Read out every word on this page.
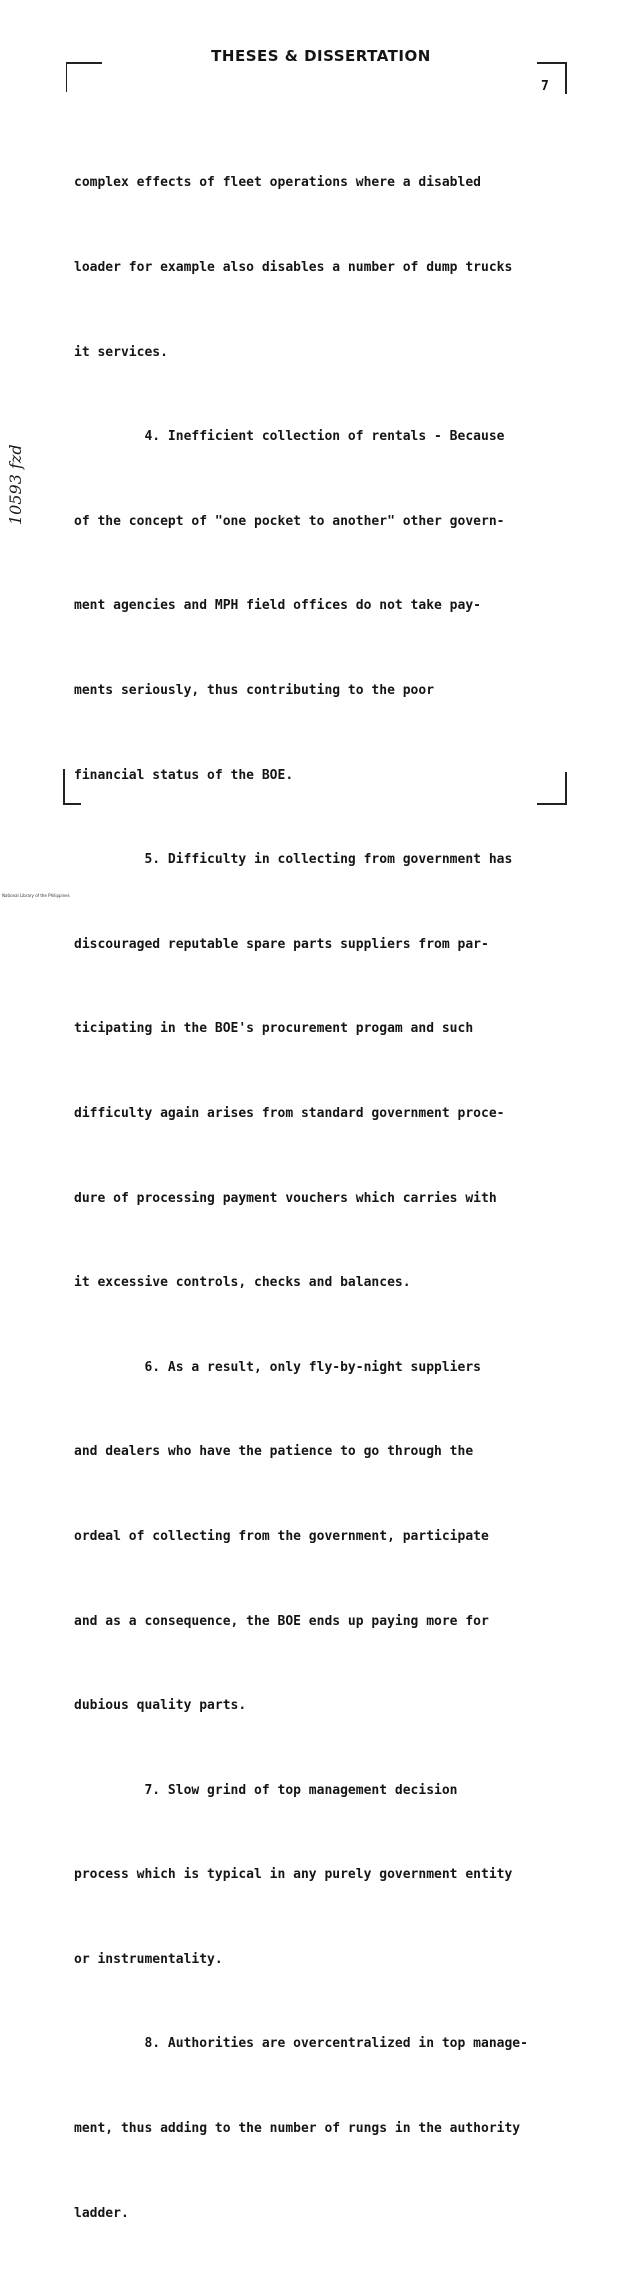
THESES & DISSERTATION
7
10593 fzd

complex effects of fleet operations where a disabled

loader for example also disables a number of dump trucks

it services.

4. Inefficient collection of rentals - Because

of the concept of "one pocket to another" other govern-

ment agencies and MPH field offices do not take pay-

ments seriously, thus contributing to the poor

financial status of the BOE.

5. Difficulty in collecting from government has

discouraged reputable spare parts suppliers from par-

ticipating in the BOE's procurement progam and such

difficulty again arises from standard government proce-

dure of processing payment vouchers which carries with

it excessive controls, checks and balances.

6. As a result, only fly-by-night suppliers

and dealers who have the patience to go through the

ordeal of collecting from the government, participate

and as a consequence, the BOE ends up paying more for

dubious quality parts.

7. Slow grind of top management decision

process which is typical in any purely government entity

or instrumentality.

8. Authorities are overcentralized in top manage-

ment, thus adding to the number of rungs in the authority

ladder.

National Library of the Philippines
